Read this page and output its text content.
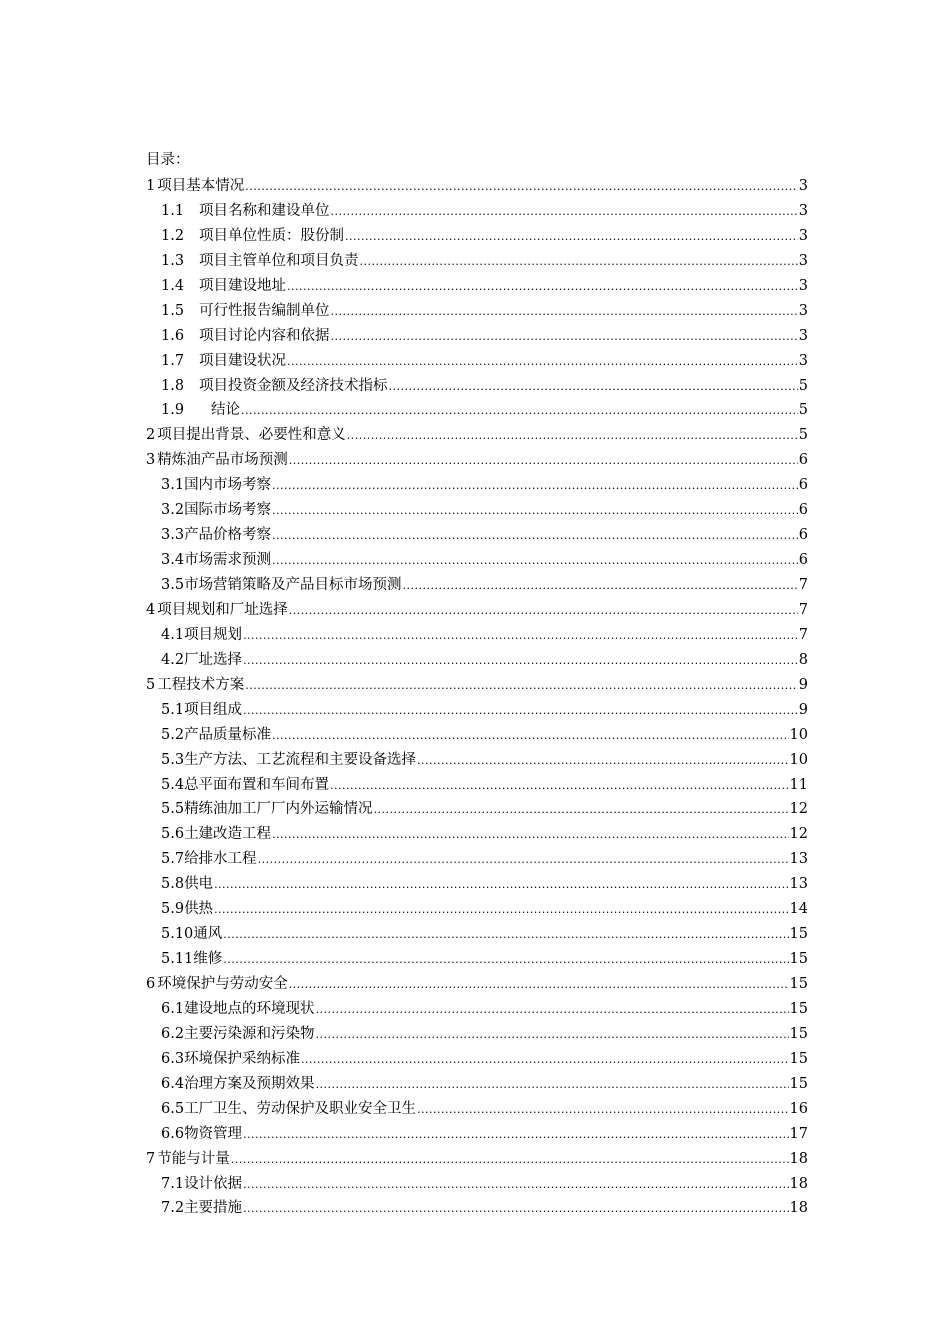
目录：
1 项目基本情况 .....	3
1.1	项目名称和建设单位 .....	3
1.2	项目单位性质：股份制 .....	3
1.3	项目主管单位和项目负责 .....	3
1.4	项目建设地址 .....	3
1.5	可行性报告编制单位 .....	3
1.6	项目讨论内容和依据 .....	3
1.7	项目建设状况 .....	3
1.8	项目投资金额及经济技术指标 .....	5
1.9	结论 .....	5
2 项目提出背景、必要性和意义 .....	5
3 精炼油产品市场预测 .....	6
3.1 国内市场考察 .....	6
3.2 国际市场考察 .....	6
3.3 产品价格考察 .....	6
3.4 市场需求预测 .....	6
3.5 市场营销策略及产品目标市场预测 .....	7
4 项目规划和厂址选择 .....	7
4.1 项目规划 .....	7
4.2 厂址选择 .....	8
5 工程技术方案 .....	9
5.1 项目组成 .....	9
5.2 产品质量标准 .....	10
5.3 生产方法、工艺流程和主要设备选择 .....	10
5.4 总平面布置和车间布置 .....	11
5.5 精练油加工厂厂内外运输情况 .....	12
5.6 土建改造工程 .....	12
5.7 给排水工程 .....	13
5.8 供电 .....	13
5.9 供热 .....	14
5.10 通风 .....	15
5.11 维修 .....	15
6 环境保护与劳动安全 .....	15
6.1 建设地点的环境现状 .....	15
6.2 主要污染源和污染物 .....	15
6.3 环境保护采纳标准 .....	15
6.4 治理方案及预期效果 .....	15
6.5 工厂卫生、劳动保护及职业安全卫生 .....	16
6.6 物资管理 .....	17
7 节能与计量 .....	18
7.1 设计依据 .....	18
7.2 主要措施 .....	18
